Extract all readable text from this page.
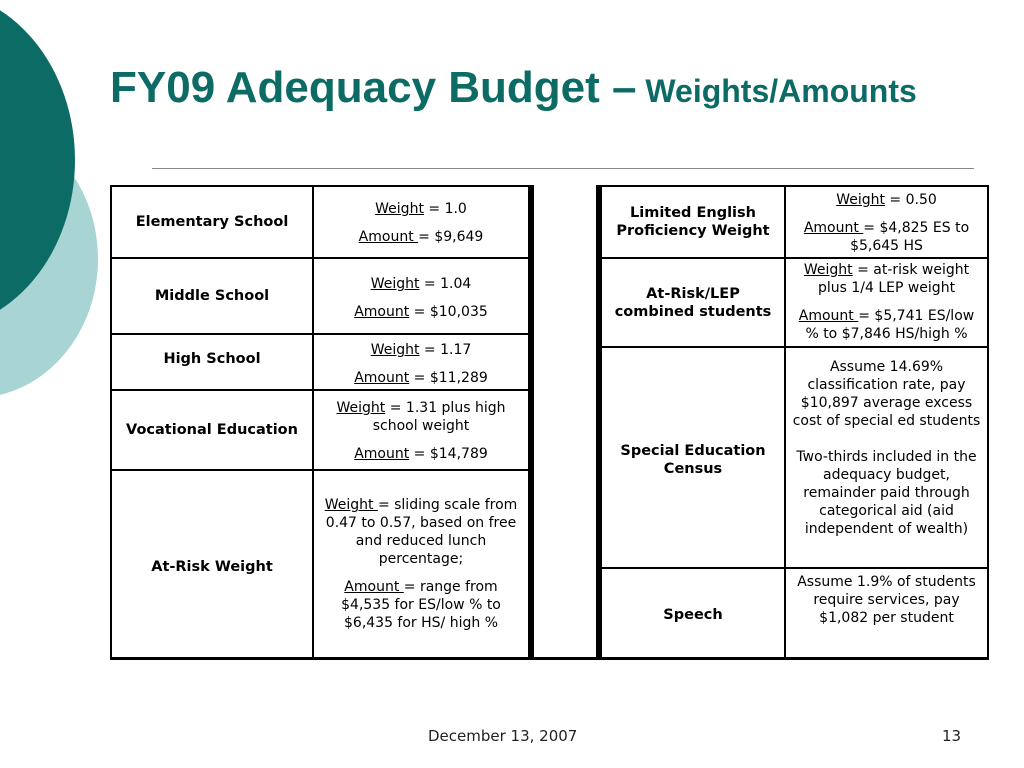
FY09 Adequacy Budget – Weights/Amounts
Elementary School
Weight = 1.0
Amount = $9,649
Middle School
Weight = 1.04
Amount = $10,035
High School
Weight = 1.17
Amount = $11,289
Vocational Education
Weight = 1.31 plus high school weight
Amount = $14,789
At-Risk Weight
Weight = sliding scale from 0.47 to 0.57, based on free and reduced lunch percentage;
Amount = range from $4,535 for ES/low % to $6,435 for HS/ high %
Limited English Proficiency Weight
Weight = 0.50
Amount = $4,825 ES to $5,645 HS
At-Risk/LEP combined students
Weight = at-risk weight plus 1/4 LEP weight
Amount = $5,741 ES/low % to $7,846 HS/high %
Special Education Census
Assume 14.69% classification rate, pay $10,897 average excess cost of special ed students
Two-thirds included in the adequacy budget, remainder paid through categorical aid (aid independent of wealth)
Speech
Assume 1.9% of students require services, pay $1,082 per student
December 13, 2007	13
